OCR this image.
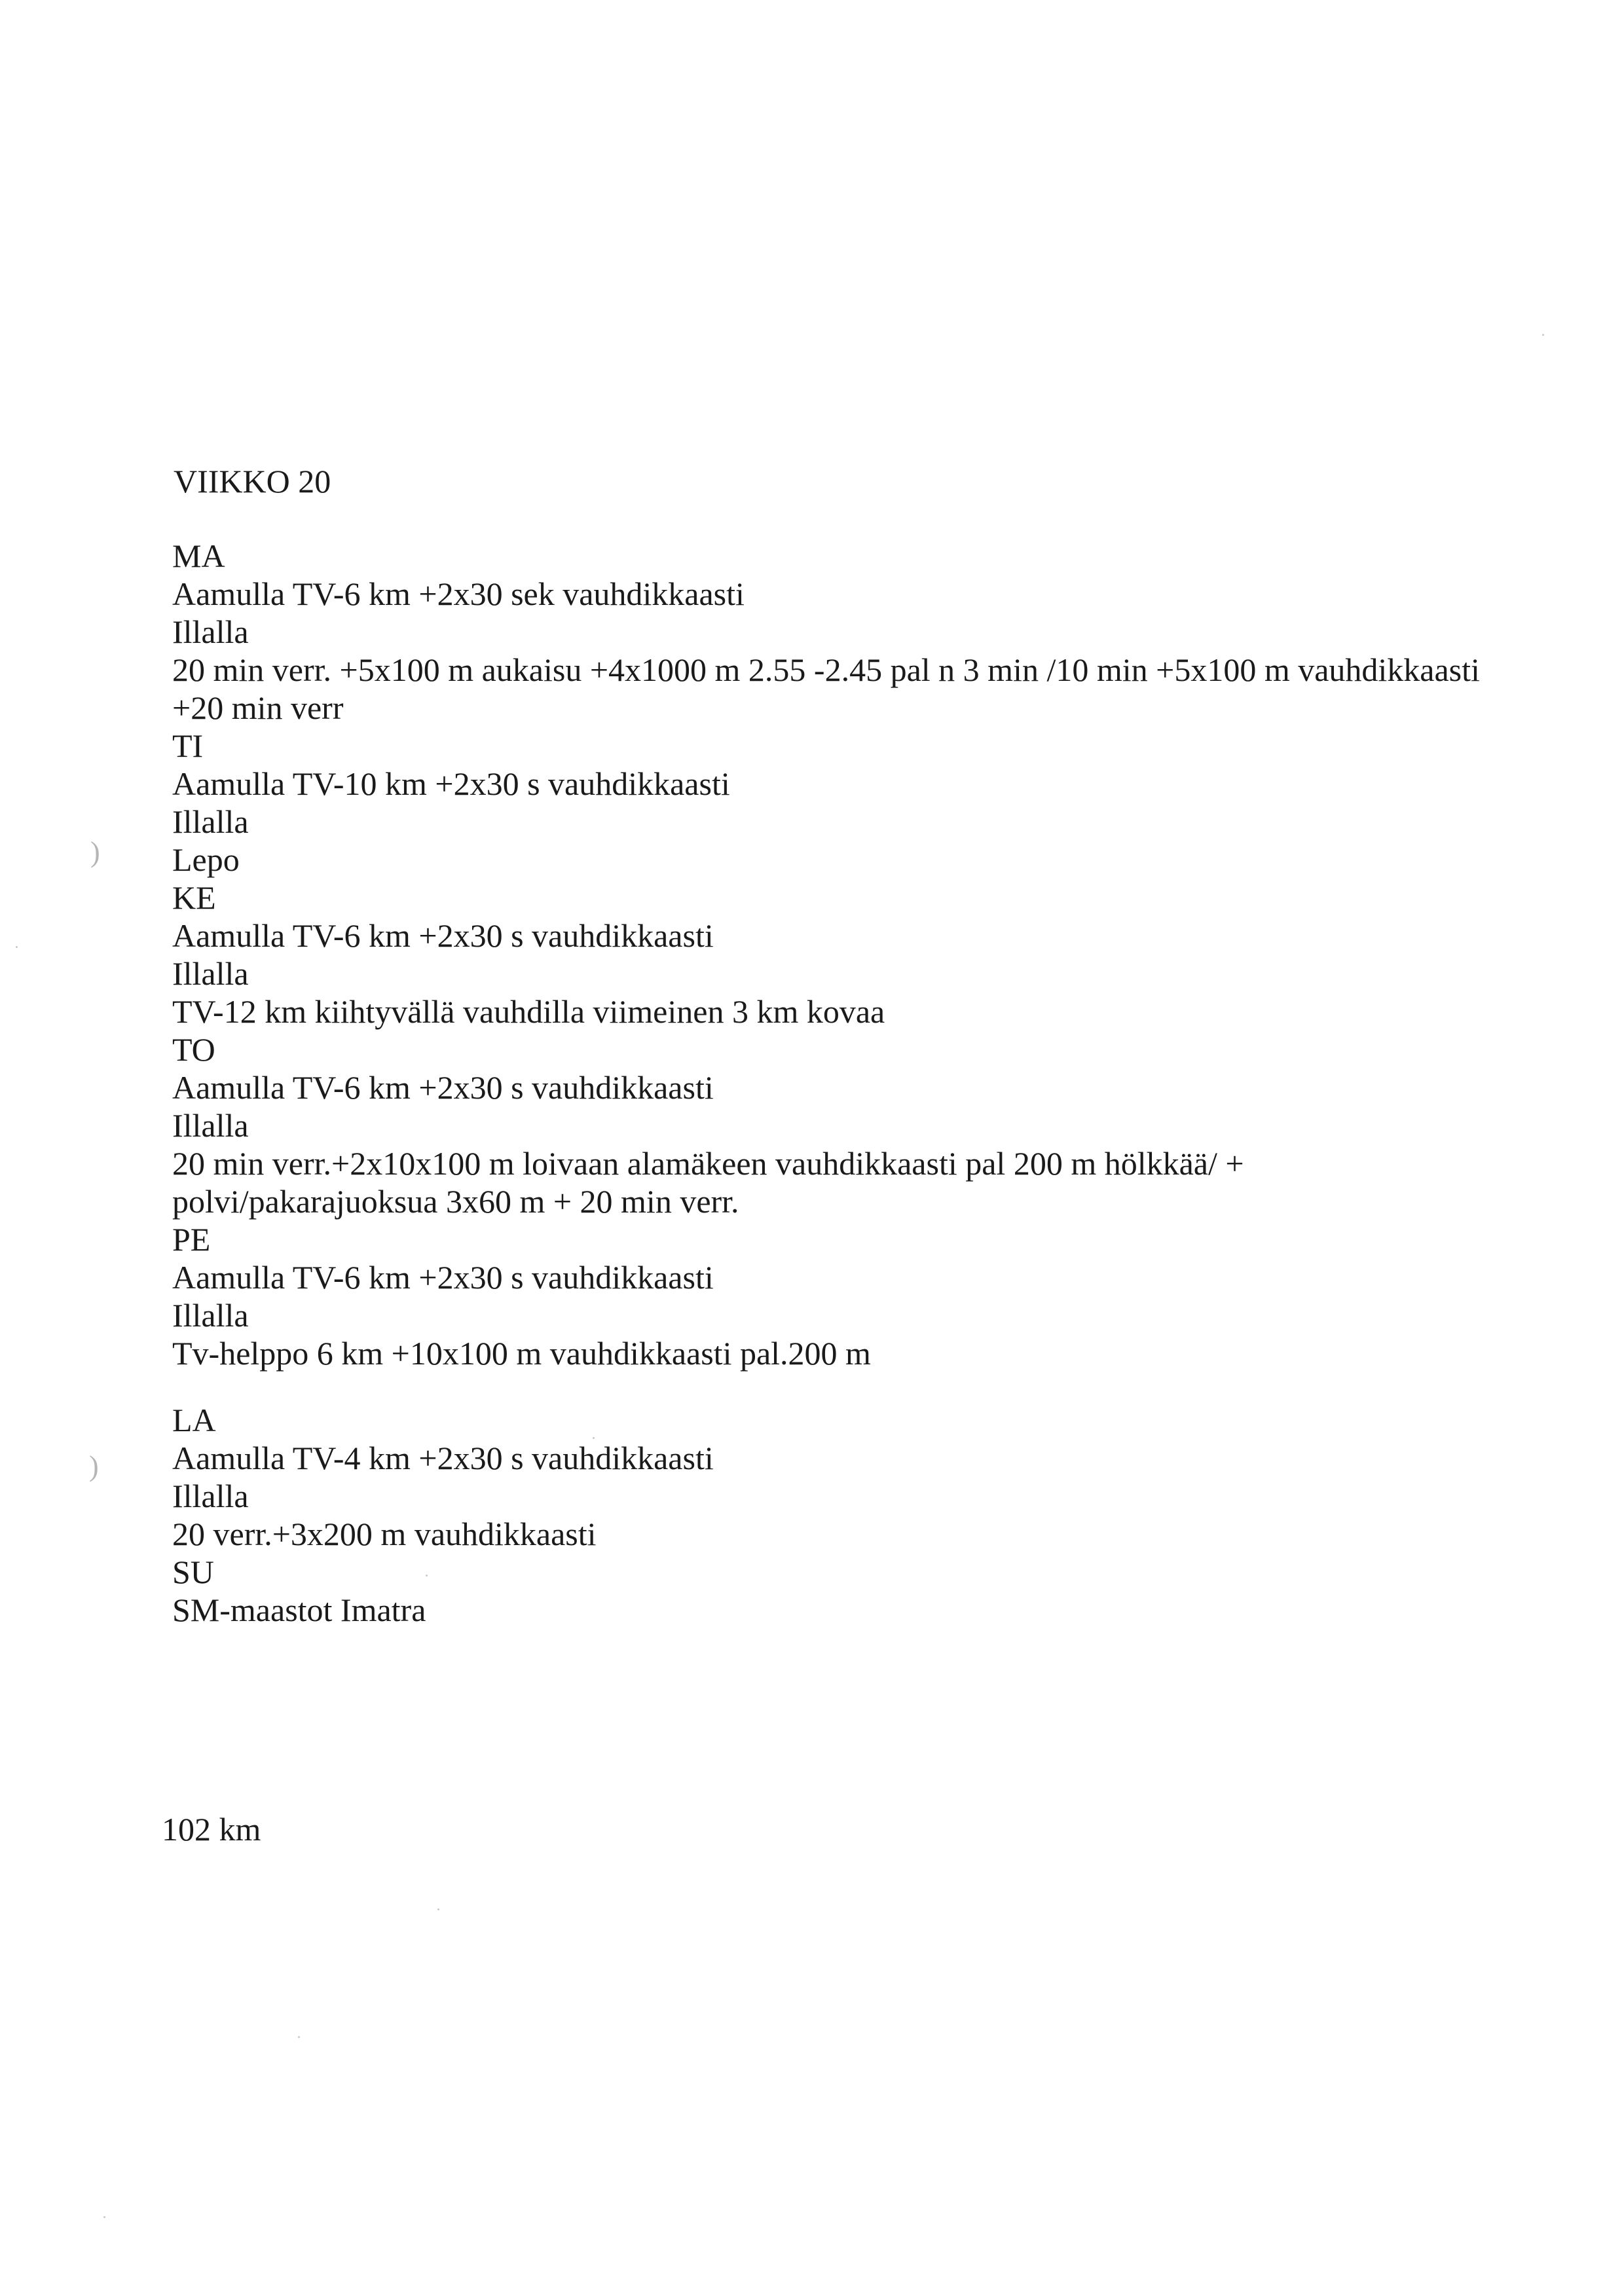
VIIKKO 20
MA
Aamulla TV-6 km +2x30 sek vauhdikkaasti
Illalla
20 min verr. +5x100 m aukaisu +4x1000 m 2.55 -2.45 pal n 3 min /10 min +5x100 m vauhdikkaasti
+20 min verr
TI
Aamulla TV-10 km +2x30 s vauhdikkaasti
Illalla
Lepo
KE
Aamulla TV-6 km +2x30 s vauhdikkaasti
Illalla
TV-12 km kiihtyvällä vauhdilla viimeinen 3 km kovaa
TO
Aamulla TV-6 km +2x30 s vauhdikkaasti
Illalla
20 min verr.+2x10x100 m loivaan alamäkeen vauhdikkaasti pal 200 m hölkkää/ +
polvi/pakarajuoksua 3x60 m + 20 min verr.
PE
Aamulla TV-6 km +2x30 s vauhdikkaasti
Illalla
Tv-helppo 6 km +10x100 m vauhdikkaasti pal.200 m
LA
Aamulla TV-4 km +2x30 s vauhdikkaasti
Illalla
20 verr.+3x200 m vauhdikkaasti
SU
SM-maastot Imatra
102 km
)
)
